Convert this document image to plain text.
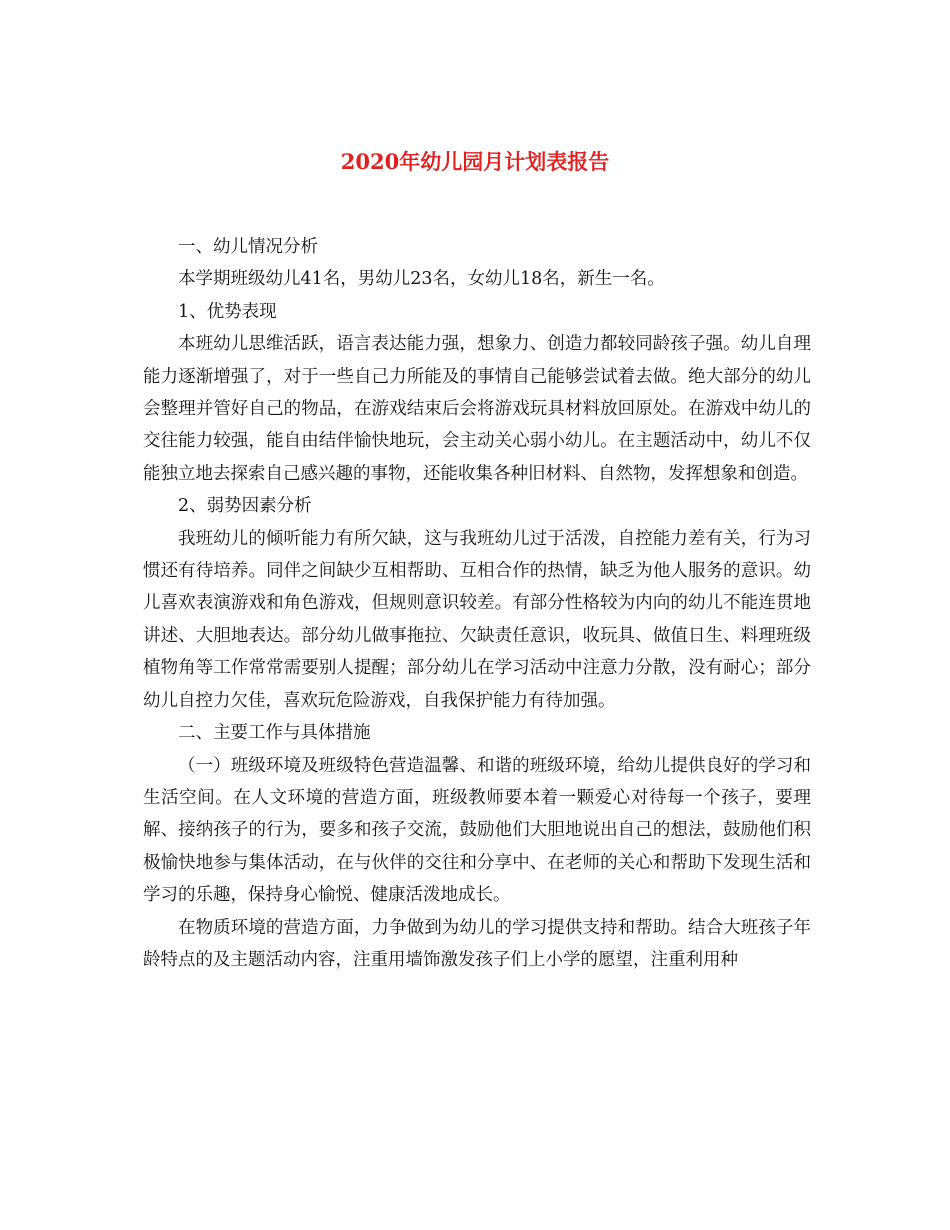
2020年幼儿园月计划表报告

一、幼儿情况分析

本学期班级幼儿41名，男幼儿23名，女幼儿18名，新生一名。

1、优势表现

本班幼儿思维活跃，语言表达能力强，想象力、创造力都较同龄孩子强。幼儿自理能力逐渐增强了，对于一些自己力所能及的事情自己能够尝试着去做。绝大部分的幼儿会整理并管好自己的物品，在游戏结束后会将游戏玩具材料放回原处。在游戏中幼儿的交往能力较强，能自由结伴愉快地玩，会主动关心弱小幼儿。在主题活动中，幼儿不仅能独立地去探索自己感兴趣的事物，还能收集各种旧材料、自然物，发挥想象和创造。

2、弱势因素分析

我班幼儿的倾听能力有所欠缺，这与我班幼儿过于活泼，自控能力差有关，行为习惯还有待培养。同伴之间缺少互相帮助、互相合作的热情，缺乏为他人服务的意识。幼儿喜欢表演游戏和角色游戏，但规则意识较差。有部分性格较为内向的幼儿不能连贯地讲述、大胆地表达。部分幼儿做事拖拉、欠缺责任意识，收玩具、做值日生、料理班级植物角等工作常常需要别人提醒；部分幼儿在学习活动中注意力分散，没有耐心；部分幼儿自控力欠佳，喜欢玩危险游戏，自我保护能力有待加强。

二、主要工作与具体措施

（一）班级环境及班级特色营造温馨、和谐的班级环境，给幼儿提供良好的学习和生活空间。在人文环境的营造方面，班级教师要本着一颗爱心对待每一个孩子，要理解、接纳孩子的行为，要多和孩子交流，鼓励他们大胆地说出自己的想法，鼓励他们积极愉快地参与集体活动，在与伙伴的交往和分享中、在老师的关心和帮助下发现生活和学习的乐趣，保持身心愉悦、健康活泼地成长。

在物质环境的营造方面，力争做到为幼儿的学习提供支持和帮助。结合大班孩子年龄特点的及主题活动内容，注重用墙饰激发孩子们上小学的愿望，注重利用种
